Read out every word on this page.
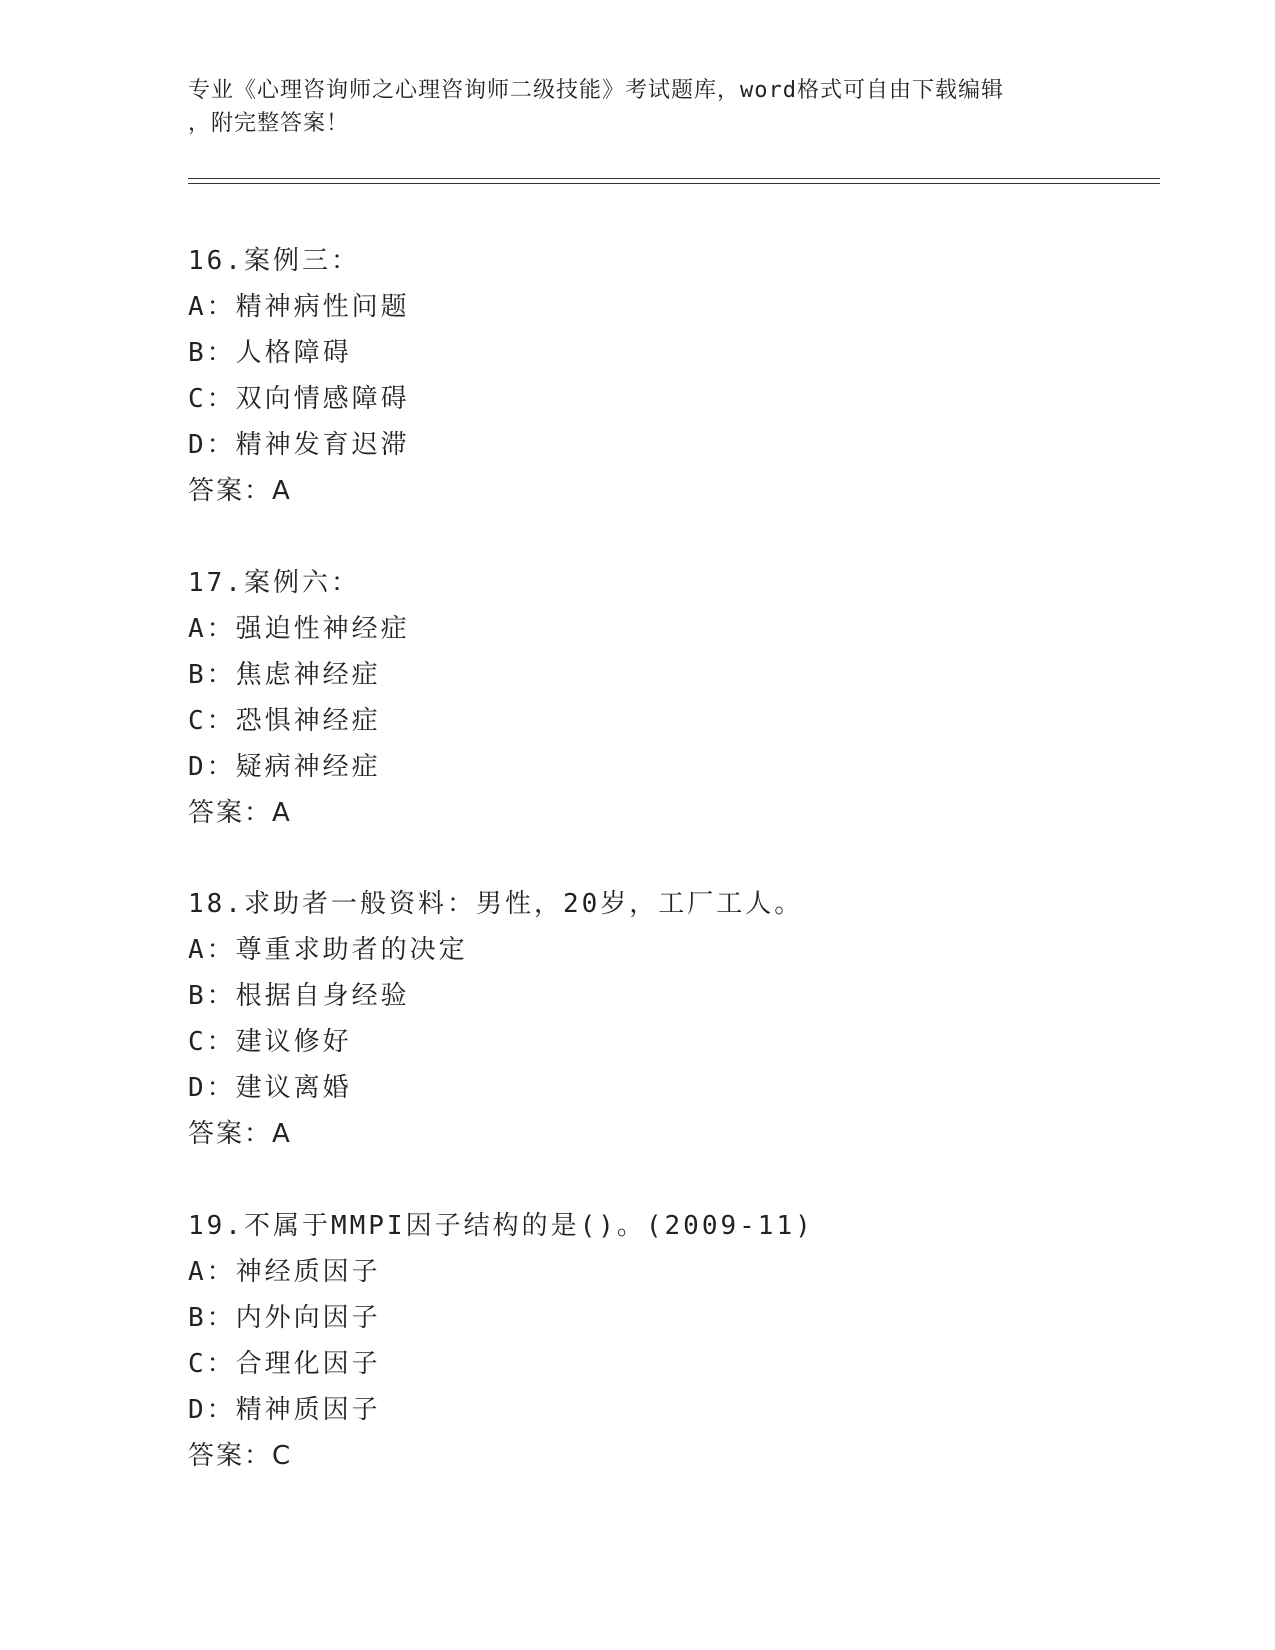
专业《心理咨询师之心理咨询师二级技能》考试题库，word格式可自由下载编辑
，附完整答案！
16.案例三：
A：精神病性问题
B：人格障碍
C：双向情感障碍
D：精神发育迟滞
答案：A
17.案例六：
A：强迫性神经症
B：焦虑神经症
C：恐惧神经症
D：疑病神经症
答案：A
18.求助者一般资料：男性，20岁，工厂工人。
A：尊重求助者的决定
B：根据自身经验
C：建议修好
D：建议离婚
答案：A
19.不属于MMPI因子结构的是()。(2009-11)
A：神经质因子
B：内外向因子
C：合理化因子
D：精神质因子
答案：C
